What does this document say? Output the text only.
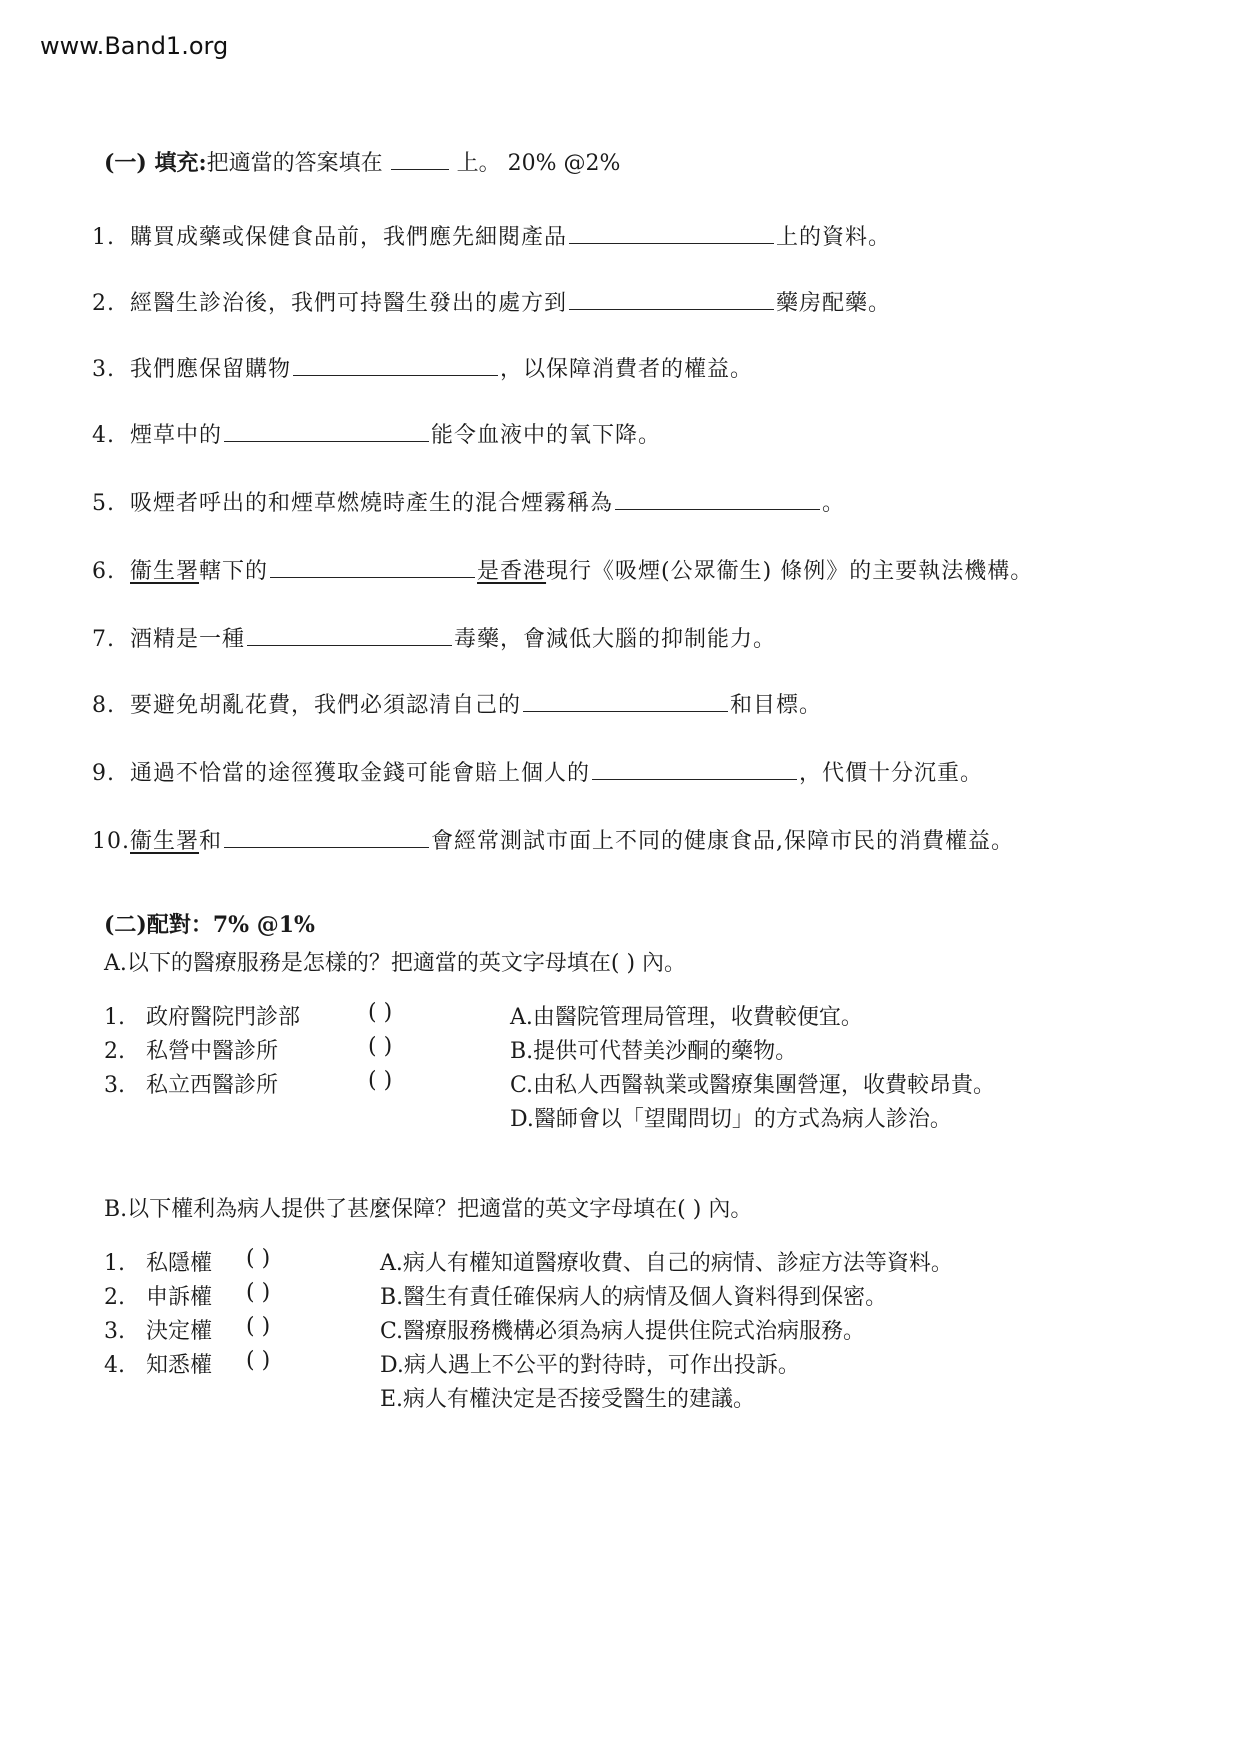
www.Band1.org
(一) 填充:把適當的答案填在	上。 20% @2%
1. 購買成藥或保健食品前，我們應先細閱產品	上的資料。
2. 經醫生診治後，我們可持醫生發出的處方到	藥房配藥。
3. 我們應保留購物	，以保障消費者的權益。
4. 煙草中的	能令血液中的氧下降。
5. 吸煙者呼出的和煙草燃燒時產生的混合煙霧稱為	。
6. 衞生署轄下的	是香港現行《吸煙(公眾衞生) 條例》的主要執法機構。
7. 酒精是一種	毒藥，會減低大腦的抑制能力。
8. 要避免胡亂花費，我們必須認清自己的	和目標。
9. 通過不恰當的途徑獲取金錢可能會賠上個人的	，代價十分沉重。
10.衞生署和	會經常測試市面上不同的健康食品,保障市民的消費權益。
(二)配對：7% @1%
A.以下的醫療服務是怎樣的？把適當的英文字母填在( ) 內。
1. 政府醫院門診部	( )	A.由醫院管理局管理，收費較便宜。
2. 私營中醫診所	( )	B.提供可代替美沙酮的藥物。
3. 私立西醫診所	( )	C.由私人西醫執業或醫療集團營運，收費較昂貴。
D.醫師會以「望聞問切」的方式為病人診治。
B.以下權利為病人提供了甚麼保障？把適當的英文字母填在( ) 內。
1. 私隱權 ( )	A.病人有權知道醫療收費、自己的病情、診症方法等資料。
2. 申訴權 ( )	B.醫生有責任確保病人的病情及個人資料得到保密。
3. 決定權 ( )	C.醫療服務機構必須為病人提供住院式治病服務。
4. 知悉權 ( )	D.病人遇上不公平的對待時，可作出投訴。
E.病人有權決定是否接受醫生的建議。
